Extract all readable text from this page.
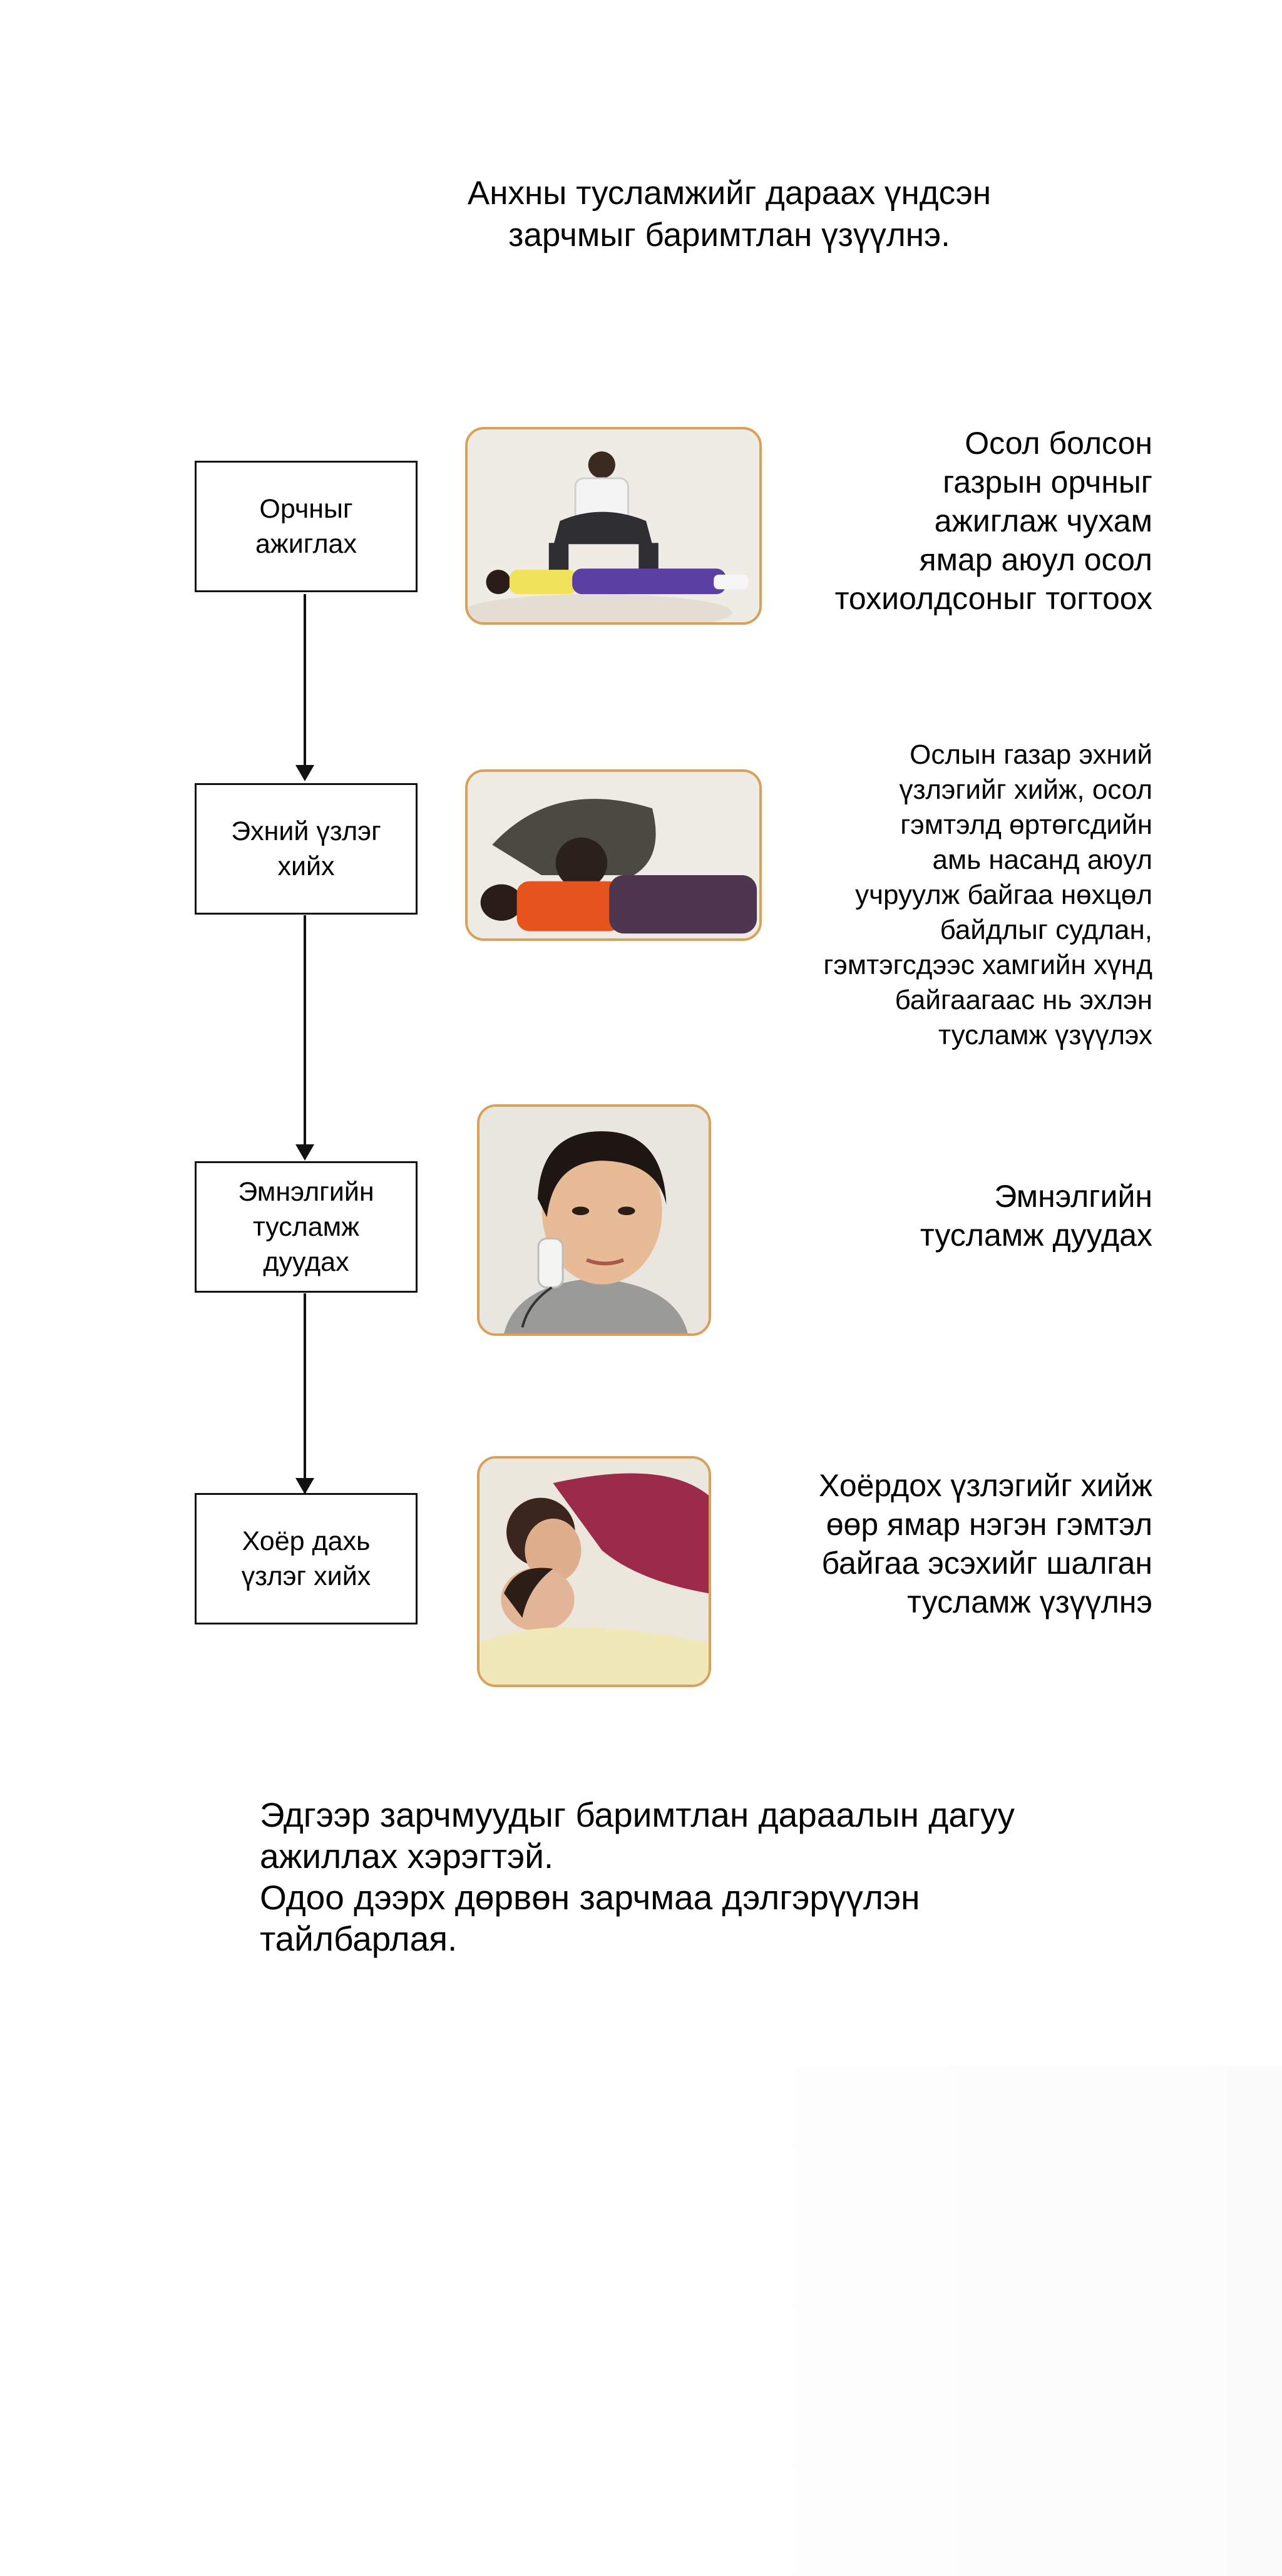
Анхны тусламжийг дараах үндсэн
зарчмыг баримтлан үзүүлнэ.

Орчныг
ажиглах

Осол болсон
газрын орчныг
ажиглаж чухам
ямар аюул осол
тохиолдсоныг тогтоох

Эхний үзлэг
хийх

Ослын газар эхний
үзлэгийг хийж, осол
гэмтэлд өртөгсдийн
амь насанд аюул
учруулж байгаа нөхцөл
байдлыг судлан,
гэмтэгсдээс хамгийн хүнд
байгаагаас нь эхлэн
тусламж үзүүлэх

Эмнэлгийн
тусламж
дуудах

Эмнэлгийн
тусламж дуудах

Хоёр дахь
үзлэг хийх

Хоёрдох үзлэгийг хийж
өөр ямар нэгэн гэмтэл
байгаа эсэхийг шалган
тусламж үзүүлнэ

Эдгээр зарчмуудыг баримтлан дараалын дагуу
ажиллах хэрэгтэй.
Одоо дээрх дөрвөн зарчмаа дэлгэрүүлэн
тайлбарлая.
